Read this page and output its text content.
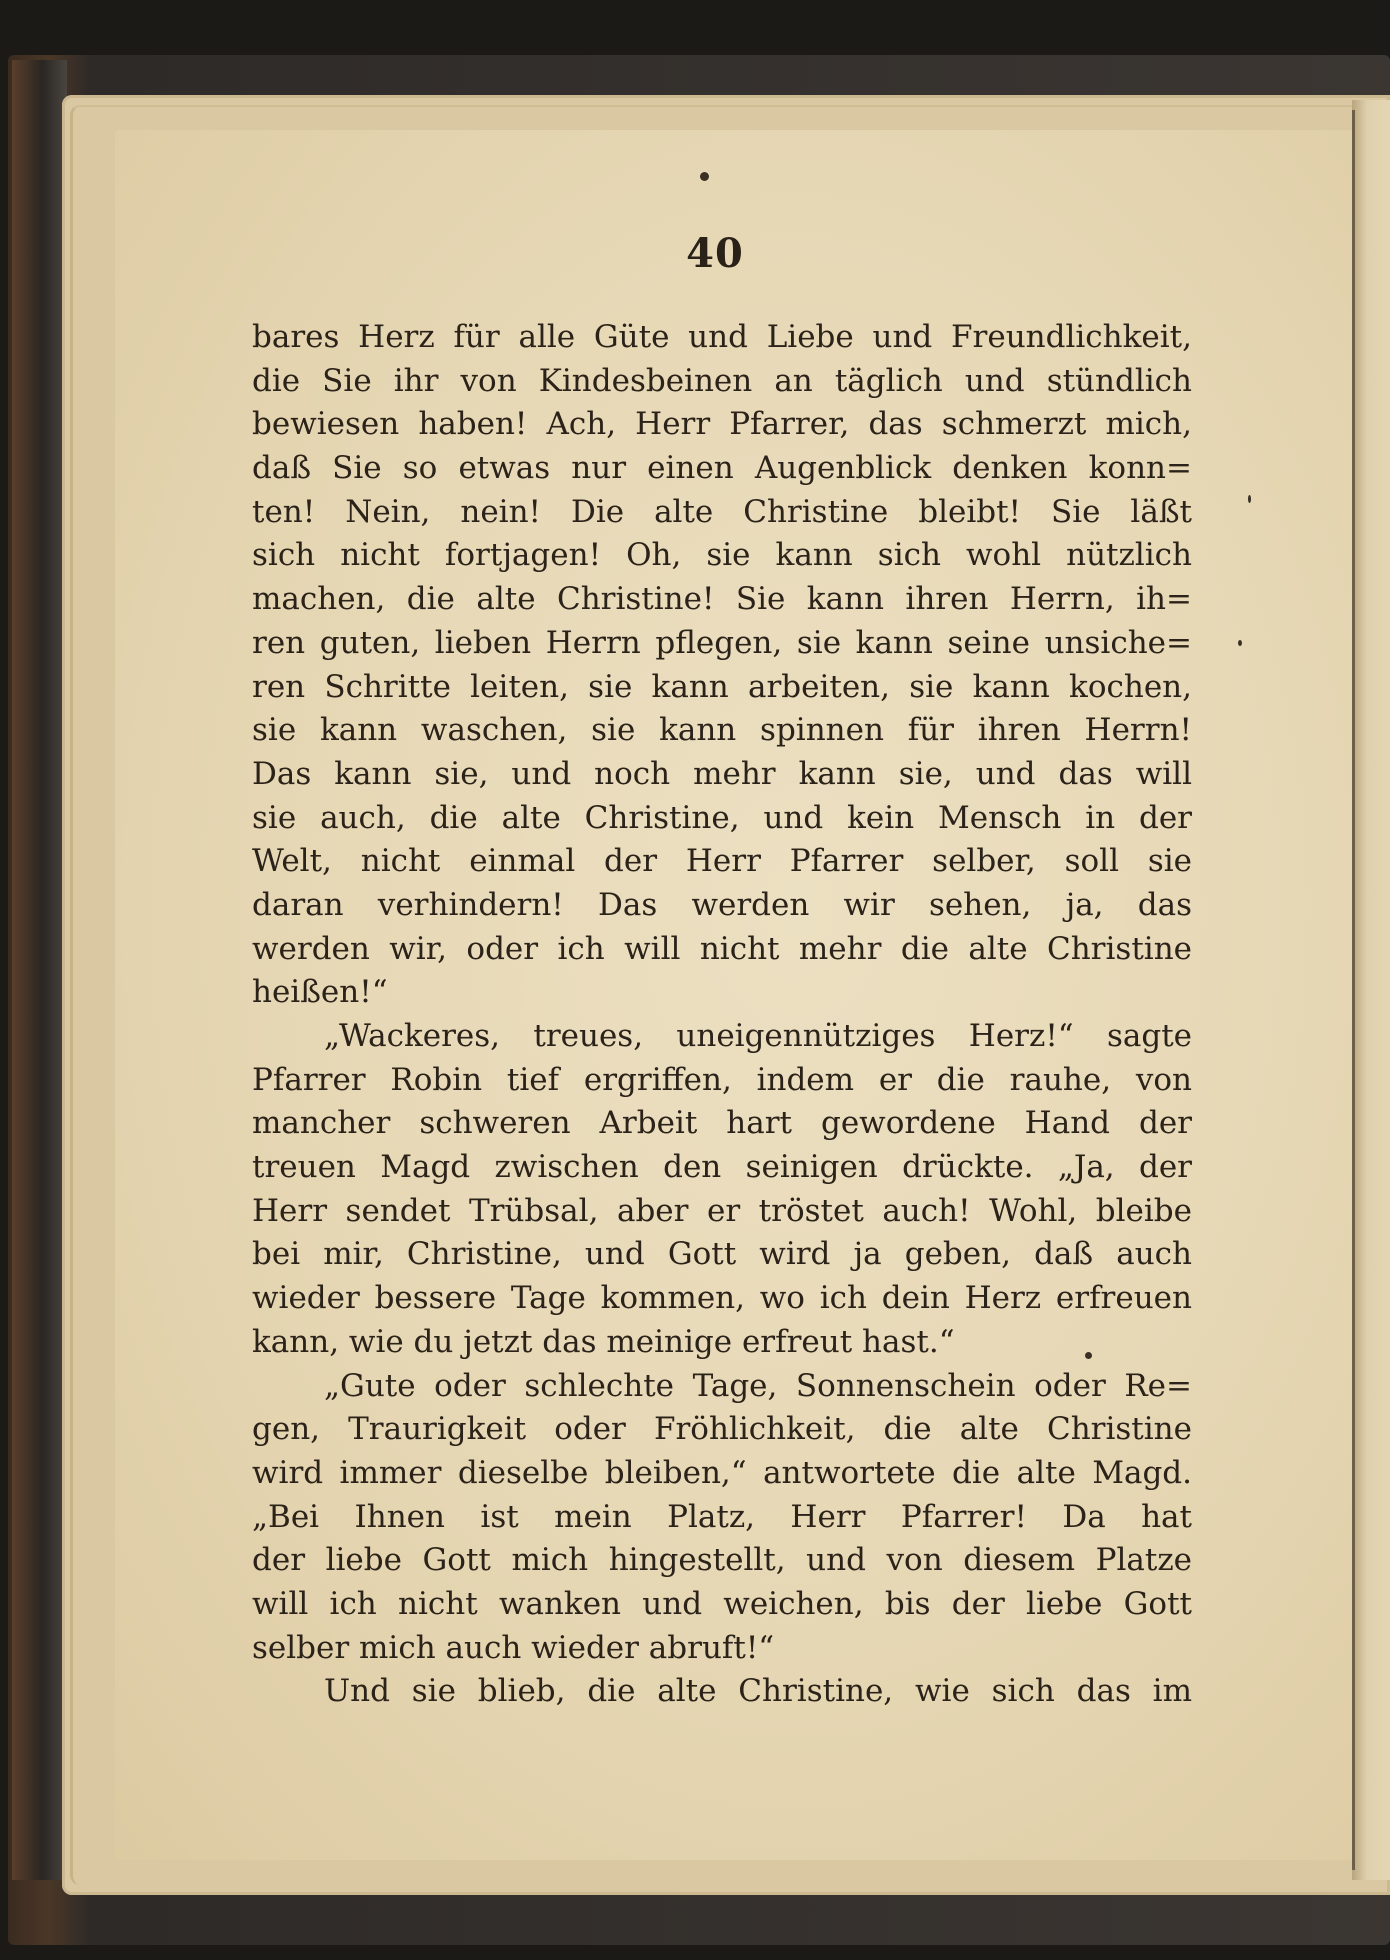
40
bares Herz für alle Güte und Liebe und Freundlichkeit,
die Sie ihr von Kindesbeinen an täglich und stündlich
bewiesen haben! Ach, Herr Pfarrer, das schmerzt mich,
daß Sie so etwas nur einen Augenblick denken konn=
ten! Nein, nein! Die alte Christine bleibt! Sie läßt
sich nicht fortjagen! Oh, sie kann sich wohl nützlich
machen, die alte Christine! Sie kann ihren Herrn, ih=
ren guten, lieben Herrn pflegen, sie kann seine unsiche=
ren Schritte leiten, sie kann arbeiten, sie kann kochen,
sie kann waschen, sie kann spinnen für ihren Herrn!
Das kann sie, und noch mehr kann sie, und das will
sie auch, die alte Christine, und kein Mensch in der
Welt, nicht einmal der Herr Pfarrer selber, soll sie
daran verhindern! Das werden wir sehen, ja, das
werden wir, oder ich will nicht mehr die alte Christine
heißen!“
„Wackeres, treues, uneigennütziges Herz!“ sagte
Pfarrer Robin tief ergriffen, indem er die rauhe, von
mancher schweren Arbeit hart gewordene Hand der
treuen Magd zwischen den seinigen drückte. „Ja, der
Herr sendet Trübsal, aber er tröstet auch! Wohl, bleibe
bei mir, Christine, und Gott wird ja geben, daß auch
wieder bessere Tage kommen, wo ich dein Herz erfreuen
kann, wie du jetzt das meinige erfreut hast.“
„Gute oder schlechte Tage, Sonnenschein oder Re=
gen, Traurigkeit oder Fröhlichkeit, die alte Christine
wird immer dieselbe bleiben,“ antwortete die alte Magd.
„Bei Ihnen ist mein Platz, Herr Pfarrer! Da hat
der liebe Gott mich hingestellt, und von diesem Platze
will ich nicht wanken und weichen, bis der liebe Gott
selber mich auch wieder abruft!“
Und sie blieb, die alte Christine, wie sich das im
